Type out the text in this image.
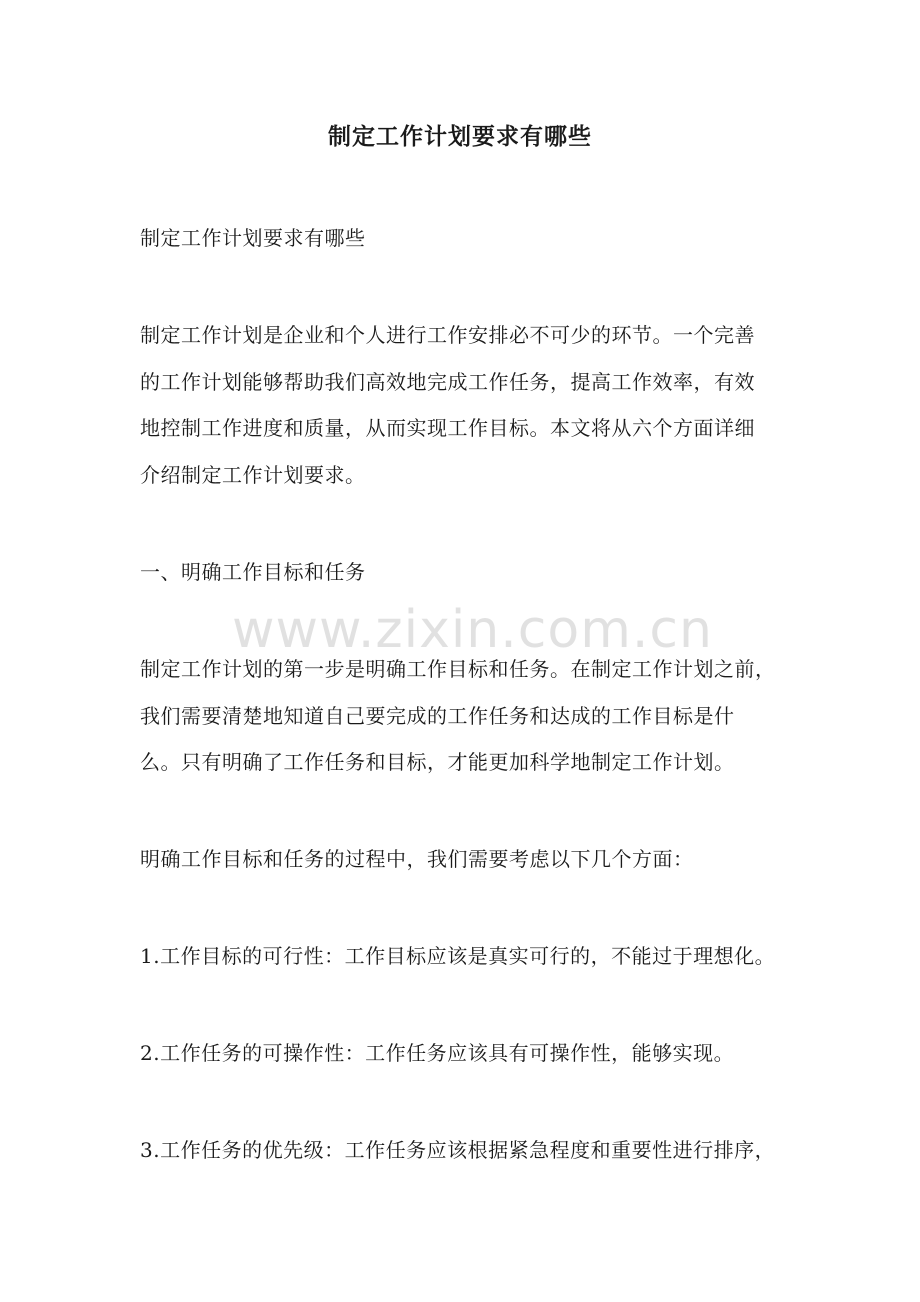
制定工作计划要求有哪些
制定工作计划要求有哪些
制定工作计划是企业和个人进行工作安排必不可少的环节。一个完善
的工作计划能够帮助我们高效地完成工作任务，提高工作效率，有效
地控制工作进度和质量，从而实现工作目标。本文将从六个方面详细
介绍制定工作计划要求。
一、明确工作目标和任务
制定工作计划的第一步是明确工作目标和任务。在制定工作计划之前，
我们需要清楚地知道自己要完成的工作任务和达成的工作目标是什
么。只有明确了工作任务和目标，才能更加科学地制定工作计划。
明确工作目标和任务的过程中，我们需要考虑以下几个方面：
1.工作目标的可行性：工作目标应该是真实可行的，不能过于理想化。
2.工作任务的可操作性：工作任务应该具有可操作性，能够实现。
3.工作任务的优先级：工作任务应该根据紧急程度和重要性进行排序，
www.zixin.com.cn
